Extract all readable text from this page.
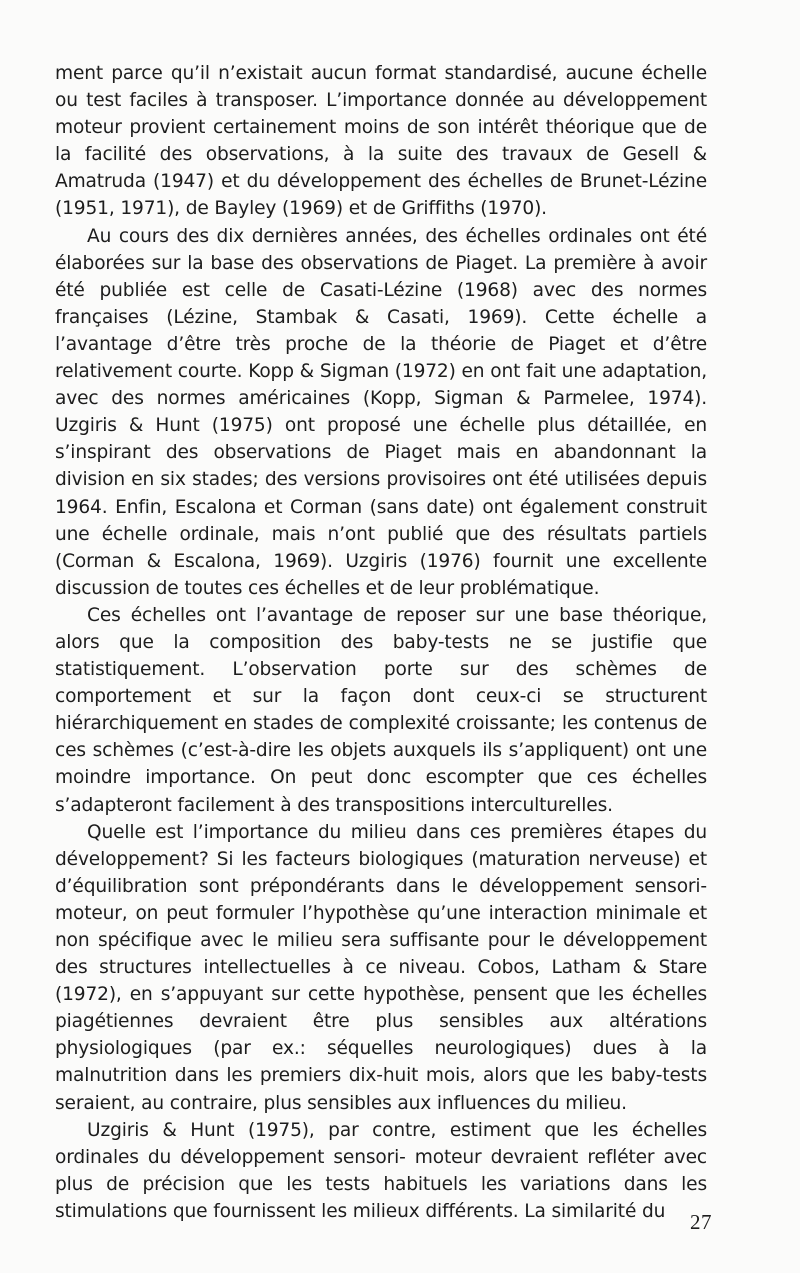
ment parce qu’il n’existait aucun format standardisé, aucune échelle ou test faciles à transposer. L’importance donnée au développement moteur provient certainement moins de son intérêt théorique que de la facilité des observations, à la suite des travaux de Gesell & Amatruda (1947) et du développement des échelles de Brunet-Lézine (1951, 1971), de Bayley (1969) et de Griffiths (1970).

Au cours des dix dernières années, des échelles ordinales ont été élaborées sur la base des observations de Piaget. La première à avoir été publiée est celle de Casati-Lézine (1968) avec des normes françaises (Lézine, Stambak & Casati, 1969). Cette échelle a l’avantage d’être très proche de la théorie de Piaget et d’être relativement courte. Kopp & Sigman (1972) en ont fait une adaptation, avec des normes américaines (Kopp, Sigman & Parmelee, 1974). Uzgiris & Hunt (1975) ont proposé une échelle plus détaillée, en s’inspirant des observations de Piaget mais en abandonnant la division en six stades; des versions provisoires ont été utilisées depuis 1964. Enfin, Escalona et Corman (sans date) ont également construit une échelle ordinale, mais n’ont publié que des résultats partiels (Corman & Escalona, 1969). Uzgiris (1976) fournit une excellente discussion de toutes ces échelles et de leur problématique.

Ces échelles ont l’avantage de reposer sur une base théorique, alors que la composition des baby-tests ne se justifie que statistiquement. L’observation porte sur des schèmes de comportement et sur la façon dont ceux-ci se structurent hiérarchiquement en stades de complexité croissante; les contenus de ces schèmes (c’est-à-dire les objets auxquels ils s’appliquent) ont une moindre importance. On peut donc escompter que ces échelles s’adapteront facilement à des transpositions interculturelles.

Quelle est l’importance du milieu dans ces premières étapes du développement? Si les facteurs biologiques (maturation nerveuse) et d’équilibration sont prépondérants dans le développement sensori-moteur, on peut formuler l’hypothèse qu’une interaction minimale et non spécifique avec le milieu sera suffisante pour le développement des structures intellectuelles à ce niveau. Cobos, Latham & Stare (1972), en s’appuyant sur cette hypothèse, pensent que les échelles piagétiennes devraient être plus sensibles aux altérations physiologiques (par ex.: séquelles neurologiques) dues à la malnutrition dans les premiers dix-huit mois, alors que les baby-tests seraient, au contraire, plus sensibles aux influences du milieu.

Uzgiris & Hunt (1975), par contre, estiment que les échelles ordinales du développement sensori- moteur devraient refléter avec plus de précision que les tests habituels les variations dans les stimulations que fournissent les milieux différents. La similarité du	27
